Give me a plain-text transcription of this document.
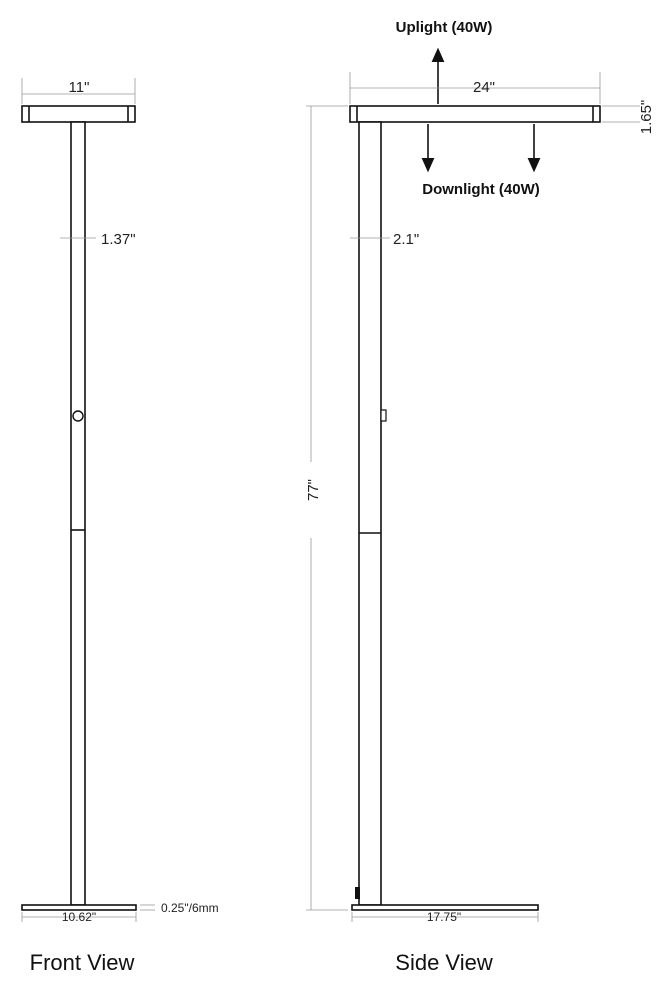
11"
1.37"
10.62"
0.25"/6mm
Front View
Uplight (40W)
24"
1.65"
Downlight (40W)
2.1"
77"
17.75"
Side View
